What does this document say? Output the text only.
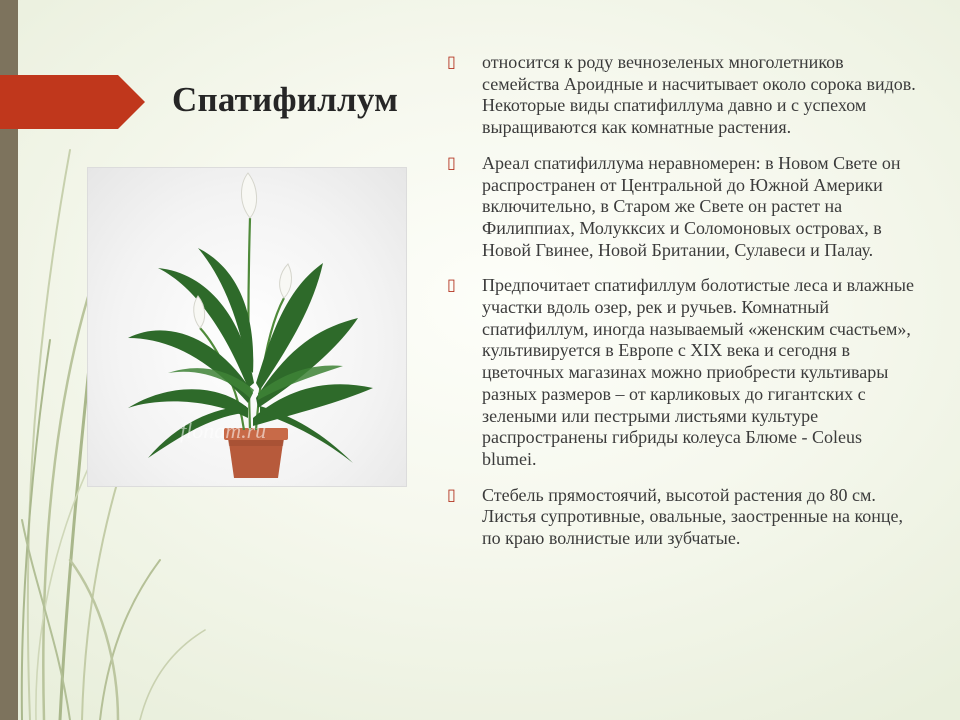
Спатифиллум
flonam.ru
▯ относится к роду вечнозеленых многолетников семейства Ароидные и насчитывает около сорока видов. Некоторые виды спатифиллума давно и с успехом выращиваются как комнатные растения.
▯ Ареал спатифиллума неравномерен: в Новом Свете он распространен от Центральной до Южной Америки включительно, в Старом же Свете он растет на Филиппиах, Молукксих и Соломоновых островах, в Новой Гвинее, Новой Британии, Сулавеси и Палау.
▯ Предпочитает спатифиллум болотистые леса и влажные участки вдоль озер, рек и ручьев. Комнатный спатифиллум, иногда называемый «женским счастьем», культивируется в Европе с XIX века и сегодня в цветочных магазинах можно приобрести культивары разных размеров – от карликовых до гигантских с зелеными или пестрыми листьями культуре распространены гибриды колеуса Блюме - Coleus blumei.
▯ Стебель прямостоячий, высотой растения до 80 см. Листья супротивные, овальные, заостренные на конце, по краю волнистые или зубчатые.
